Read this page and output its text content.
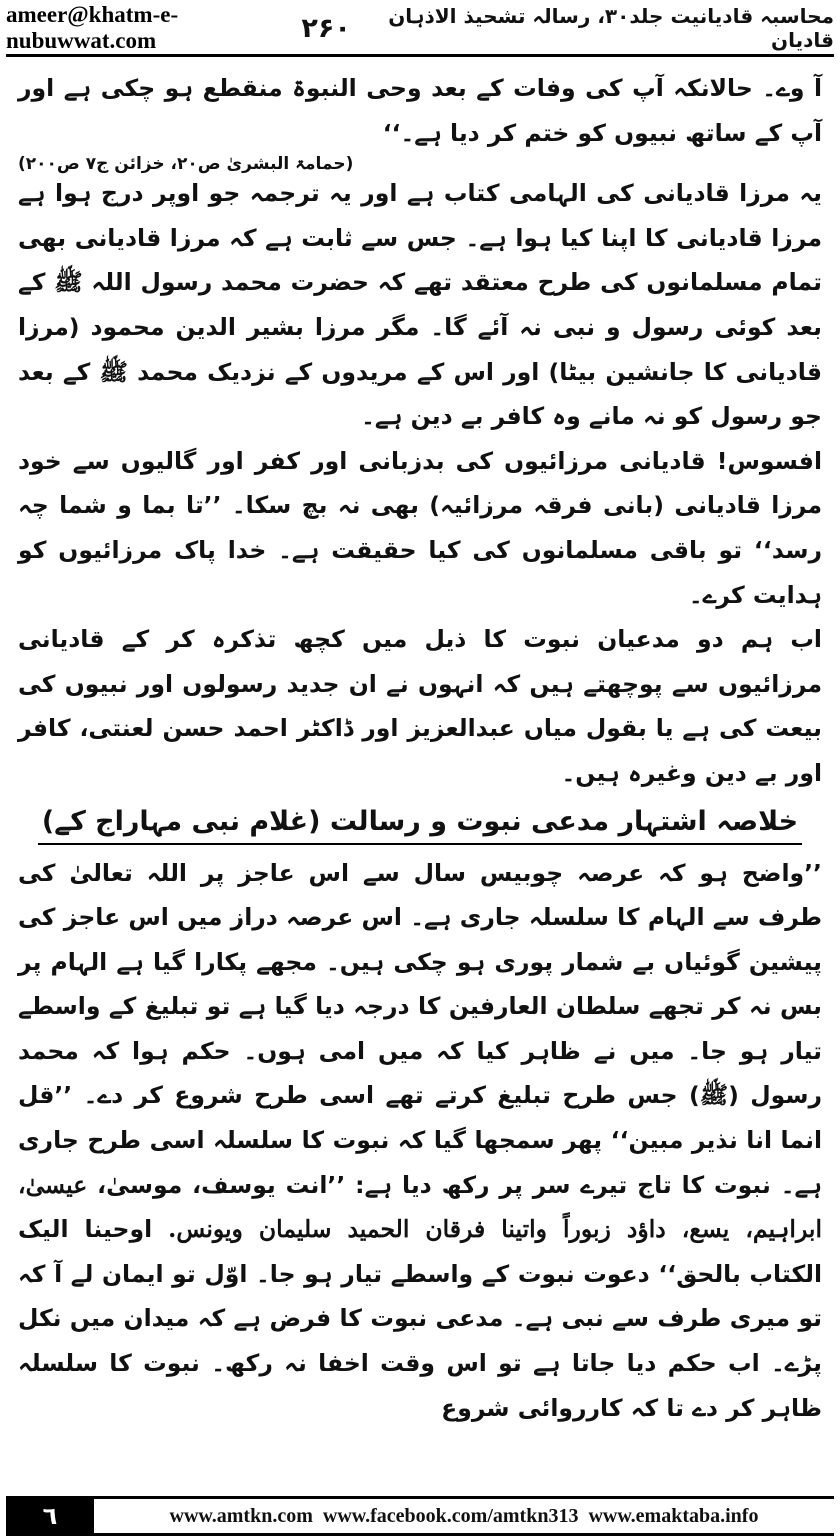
ameer@khatm-e-nubuwwat.com	۲۶۰	محاسبہ قادیانیت جلد۳۰، رسالہ تشحیذ الاذہان قادیان

آ وے۔ حالانکہ آپ کی وفات کے بعد وحی النبوۃ منقطع ہو چکی ہے اور آپ کے ساتھ نبیوں کو ختم کر دیا ہے۔‘‘
(حمامۃ البشریٰ ص۲۰، خزائن ج۷ ص۲۰۰)

یہ مرزا قادیانی کی الہامی کتاب ہے اور یہ ترجمہ جو اوپر درج ہوا ہے مرزا قادیانی کا اپنا کیا ہوا ہے۔ جس سے ثابت ہے کہ مرزا قادیانی بھی تمام مسلمانوں کی طرح معتقد تھے کہ حضرت محمد رسول اللہ ﷺ کے بعد کوئی رسول و نبی نہ آئے گا۔ مگر مرزا بشیر الدین محمود (مرزا قادیانی کا جانشین بیٹا) اور اس کے مریدوں کے نزدیک محمد ﷺ کے بعد جو رسول کو نہ مانے وہ کافر بے دین ہے۔

افسوس! قادیانی مرزائیوں کی بدزبانی اور کفر اور گالیوں سے خود مرزا قادیانی (بانی فرقہ مرزائیہ) بھی نہ بچ سکا۔ ’’تا بما و شما چہ رسد‘‘ تو باقی مسلمانوں کی کیا حقیقت ہے۔ خدا پاک مرزائیوں کو ہدایت کرے۔

اب ہم دو مدعیان نبوت کا ذیل میں کچھ تذکرہ کر کے قادیانی مرزائیوں سے پوچھتے ہیں کہ انہوں نے ان جدید رسولوں اور نبیوں کی بیعت کی ہے یا بقول میاں عبدالعزیز اور ڈاکٹر احمد حسن لعنتی، کافر اور بے دین وغیرہ ہیں۔

خلاصہ اشتہار مدعی نبوت و رسالت (غلام نبی مہاراج کے)

’’واضح ہو کہ عرصہ چوبیس سال سے اس عاجز پر اللہ تعالیٰ کی طرف سے الہام کا سلسلہ جاری ہے۔ اس عرصہ دراز میں اس عاجز کی پیشین گوئیاں بے شمار پوری ہو چکی ہیں۔ مجھے پکارا گیا ہے الہام پر بس نہ کر تجھے سلطان العارفین کا درجہ دیا گیا ہے تو تبلیغ کے واسطے تیار ہو جا۔ میں نے ظاہر کیا کہ میں امی ہوں۔ حکم ہوا کہ محمد رسول (ﷺ) جس طرح تبلیغ کرتے تھے اسی طرح شروع کر دے۔ ’’قل انما انا نذیر مبین‘‘ پھر سمجھا گیا کہ نبوت کا سلسلہ اسی طرح جاری ہے۔ نبوت کا تاج تیرے سر پر رکھ دیا ہے: ’’انت یوسف، موسیٰ، عیسیٰ، ابراہیم، یسع، داؤد زبوراً واتینا فرقان الحمید سلیمان ویونس. اوحینا الیک الکتاب بالحق‘‘ دعوت نبوت کے واسطے تیار ہو جا۔ اوّل تو ایمان لے آ کہ تو میری طرف سے نبی ہے۔ مدعی نبوت کا فرض ہے کہ میدان میں نکل پڑے۔ اب حکم دیا جاتا ہے تو اس وقت اخفا نہ رکھ۔ نبوت کا سلسلہ ظاہر کر دے تا کہ کارروائی شروع

٦	www.amtkn.com www.facebook.com/amtkn313 www.emaktaba.info
